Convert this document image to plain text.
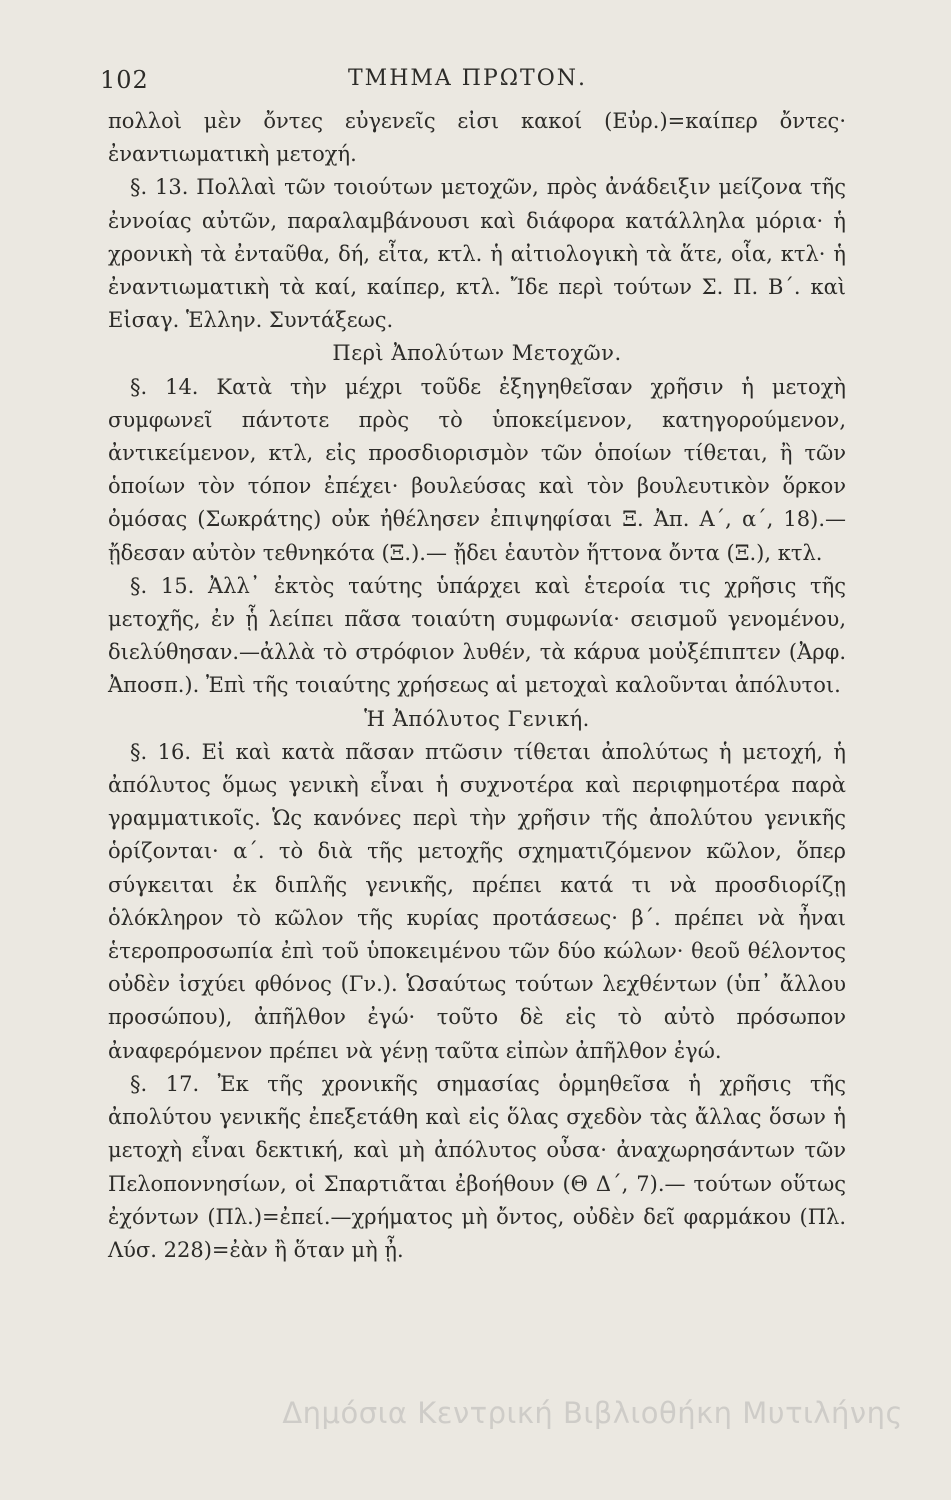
102	ΤΜΗΜΑ ΠΡΩΤΟΝ.

πολλοὶ μὲν ὄντες εὐγενεῖς εἰσι κακοί (Εὐρ.)=καίπερ ὄντες· ἐναντιωματικὴ μετοχή.

§. 13. Πολλαὶ τῶν τοιούτων μετοχῶν, πρὸς ἀνάδειξιν μείζονα τῆς ἐννοίας αὐτῶν, παραλαμβάνουσι καὶ διάφορα κατάλληλα μόρια· ἡ χρονικὴ τὰ ἐνταῦθα, δή, εἶτα, κτλ. ἡ αἰτιολογικὴ τὰ ἅτε, οἷα, κτλ· ἡ ἐναντιωματικὴ τὰ καί, καίπερ, κτλ. Ἴδε περὶ τούτων Σ. Π. Β΄. καὶ Εἰσαγ. Ἑλλην. Συντάξεως.

Περὶ Ἀπολύτων Μετοχῶν.

§. 14. Κατὰ τὴν μέχρι τοῦδε ἐξηγηθεῖσαν χρῆσιν ἡ μετοχὴ συμφωνεῖ πάντοτε πρὸς τὸ ὑποκείμενον, κατηγορούμενον, ἀντικείμενον, κτλ, εἰς προσδιορισμὸν τῶν ὁποίων τίθεται, ἢ τῶν ὁποίων τὸν τόπον ἐπέχει· βουλεύσας καὶ τὸν βουλευτικὸν ὅρκον ὀμόσας (Σωκράτης) οὐκ ἠθέλησεν ἐπιψηφίσαι Ξ. Ἀπ. Α΄, α΄, 18).— ᾔδεσαν αὐτὸν τεθνηκότα (Ξ.).— ᾔδει ἑαυτὸν ἥττονα ὄντα (Ξ.), κτλ.

§. 15. Ἀλλ᾽ ἐκτὸς ταύτης ὑπάρχει καὶ ἑτεροία τις χρῆσις τῆς μετοχῆς, ἐν ᾗ λείπει πᾶσα τοιαύτη συμφωνία· σεισμοῦ γενομένου, διελύθησαν.—ἀλλὰ τὸ στρόφιον λυθέν, τὰ κάρυα μοὐξέπιπτεν (Ἀρφ. Ἀποσπ.). Ἐπὶ τῆς τοιαύτης χρήσεως αἱ μετοχαὶ καλοῦνται ἀπόλυτοι.

Ἡ Ἀπόλυτος Γενική.

§. 16. Εἰ καὶ κατὰ πᾶσαν πτῶσιν τίθεται ἀπολύτως ἡ μετοχή, ἡ ἀπόλυτος ὅμως γενικὴ εἶναι ἡ συχνοτέρα καὶ περιφημοτέρα παρὰ γραμματικοῖς. Ὡς κανόνες περὶ τὴν χρῆσιν τῆς ἀπολύτου γενικῆς ὁρίζονται· α΄. τὸ διὰ τῆς μετοχῆς σχηματιζόμενον κῶλον, ὅπερ σύγκειται ἐκ διπλῆς γενικῆς, πρέπει κατά τι νὰ προσδιορίζῃ ὁλόκληρον τὸ κῶλον τῆς κυρίας προτάσεως· β΄. πρέπει νὰ ἦναι ἑτεροπροσωπία ἐπὶ τοῦ ὑποκειμένου τῶν δύο κώλων· θεοῦ θέλοντος οὐδὲν ἰσχύει φθόνος (Γν.). Ὡσαύτως τούτων λεχθέντων (ὑπ᾽ ἄλλου προσώπου), ἀπῆλθον ἐγώ· τοῦτο δὲ εἰς τὸ αὐτὸ πρόσωπον ἀναφερόμενον πρέπει νὰ γένῃ ταῦτα εἰπὼν ἀπῆλθον ἐγώ.

§. 17. Ἐκ τῆς χρονικῆς σημασίας ὁρμηθεῖσα ἡ χρῆσις τῆς ἀπολύτου γενικῆς ἐπεξετάθη καὶ εἰς ὅλας σχεδὸν τὰς ἄλλας ὅσων ἡ μετοχὴ εἶναι δεκτική, καὶ μὴ ἀπόλυτος οὖσα· ἀναχωρησάντων τῶν Πελοποννησίων, οἱ Σπαρτιᾶται ἐβοήθουν (Θ Δ΄, 7).— τούτων οὕτως ἐχόντων (Πλ.)=ἐπεί.—χρήματος μὴ ὄντος, οὐδὲν δεῖ φαρμάκου (Πλ. Λύσ. 228)=ἐὰν ἢ ὅταν μὴ ᾖ.

Δημόσια Κεντρική Βιβλιοθήκη Μυτιλήνης
